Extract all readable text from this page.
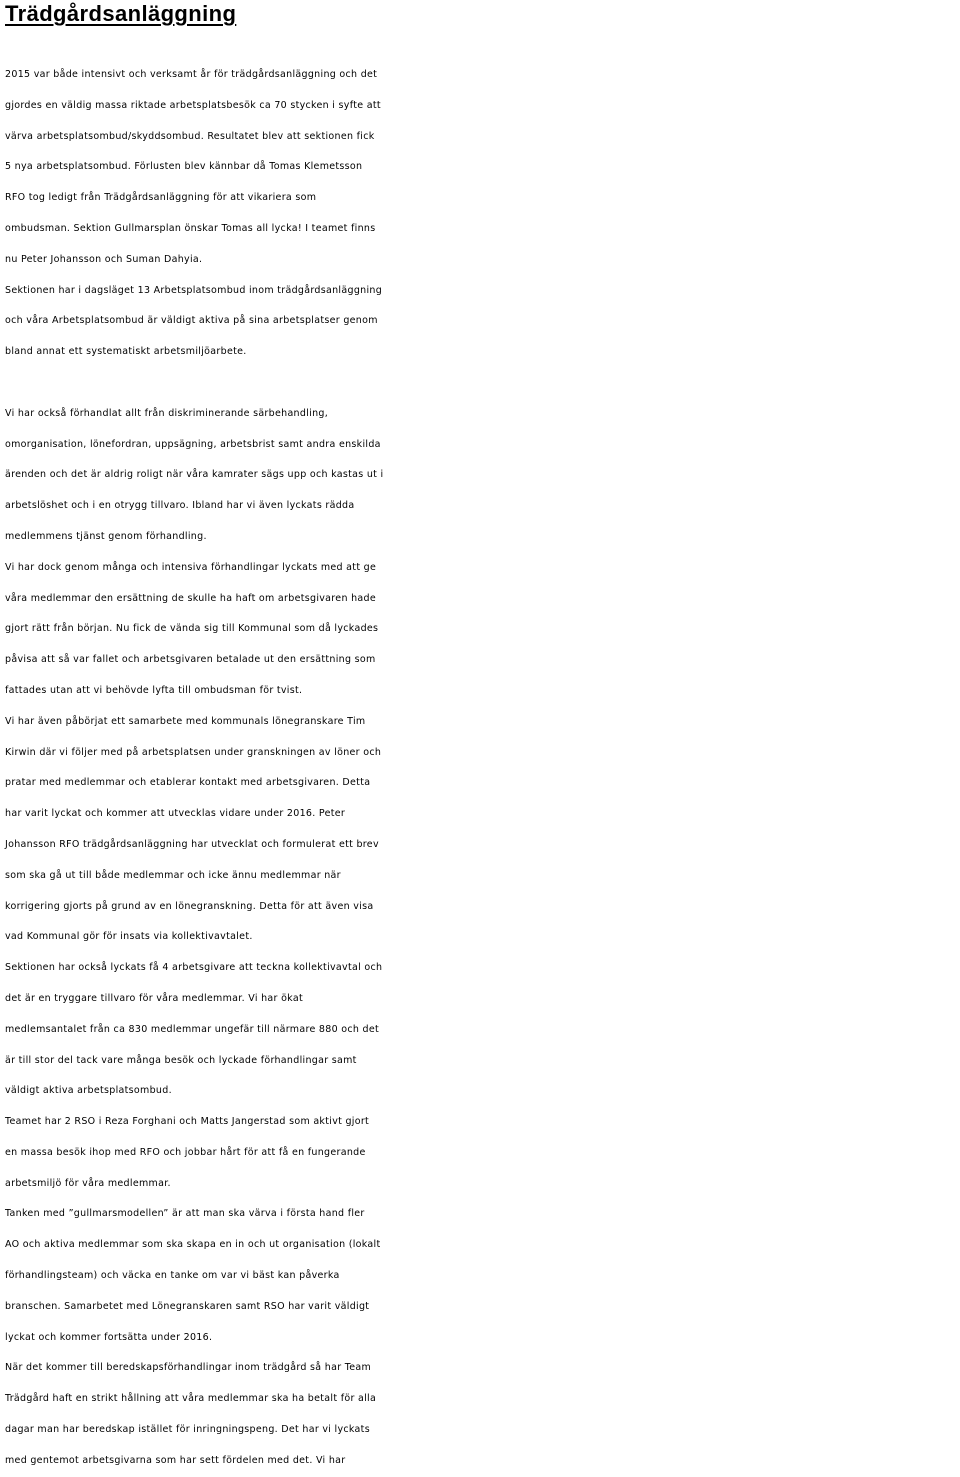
Trädgårdsanläggning
2015 var både intensivt och verksamt år för trädgårdsanläggning och det
gjordes en väldig massa riktade arbetsplatsbesök ca 70 stycken i syfte att
värva arbetsplatsombud/skyddsombud. Resultatet blev att sektionen fick
5 nya arbetsplatsombud. Förlusten blev kännbar då Tomas Klemetsson
RFO tog ledigt från Trädgårdsanläggning för att vikariera som
ombudsman. Sektion Gullmarsplan önskar Tomas all lycka! I teamet finns
nu Peter Johansson och Suman Dahyia.
Sektionen har i dagsläget 13 Arbetsplatsombud inom trädgårdsanläggning
och våra Arbetsplatsombud är väldigt aktiva på sina arbetsplatser genom
bland annat ett systematiskt arbetsmiljöarbete.
Vi har också förhandlat allt från diskriminerande särbehandling,
omorganisation, lönefordran, uppsägning, arbetsbrist samt andra enskilda
ärenden och det är aldrig roligt när våra kamrater sägs upp och kastas ut i
arbetslöshet och i en otrygg tillvaro. Ibland har vi även lyckats rädda
medlemmens tjänst genom förhandling.
Vi har dock genom många och intensiva förhandlingar lyckats med att ge
våra medlemmar den ersättning de skulle ha haft om arbetsgivaren hade
gjort rätt från början. Nu fick de vända sig till Kommunal som då lyckades
påvisa att så var fallet och arbetsgivaren betalade ut den ersättning som
fattades utan att vi behövde lyfta till ombudsman för tvist.
Vi har även påbörjat ett samarbete med kommunals lönegranskare Tim
Kirwin där vi följer med på arbetsplatsen under granskningen av löner och
pratar med medlemmar och etablerar kontakt med arbetsgivaren. Detta
har varit lyckat och kommer att utvecklas vidare under 2016. Peter
Johansson RFO trädgårdsanläggning har utvecklat och formulerat ett brev
som ska gå ut till både medlemmar och icke ännu medlemmar när
korrigering gjorts på grund av en lönegranskning. Detta för att även visa
vad Kommunal gör för insats via kollektivavtalet.
Sektionen har också lyckats få 4 arbetsgivare att teckna kollektivavtal och
det är en tryggare tillvaro för våra medlemmar. Vi har ökat
medlemsantalet från ca 830 medlemmar ungefär till närmare 880 och det
är till stor del tack vare många besök och lyckade förhandlingar samt
väldigt aktiva arbetsplatsombud.
Teamet har 2 RSO i Reza Forghani och Matts Jangerstad som aktivt gjort
en massa besök ihop med RFO och jobbar hårt för att få en fungerande
arbetsmiljö för våra medlemmar.
Tanken med ”gullmarsmodellen” är att man ska värva i första hand fler
AO och aktiva medlemmar som ska skapa en in och ut organisation (lokalt
förhandlingsteam) och väcka en tanke om var vi bäst kan påverka
branschen. Samarbetet med Lönegranskaren samt RSO har varit väldigt
lyckat och kommer fortsätta under 2016.
När det kommer till beredskapsförhandlingar inom trädgård så har Team
Trädgård haft en strikt hållning att våra medlemmar ska ha betalt för alla
dagar man har beredskap istället för inringningspeng. Det har vi lyckats
med gentemot arbetsgivarna som har sett fördelen med det. Vi har
